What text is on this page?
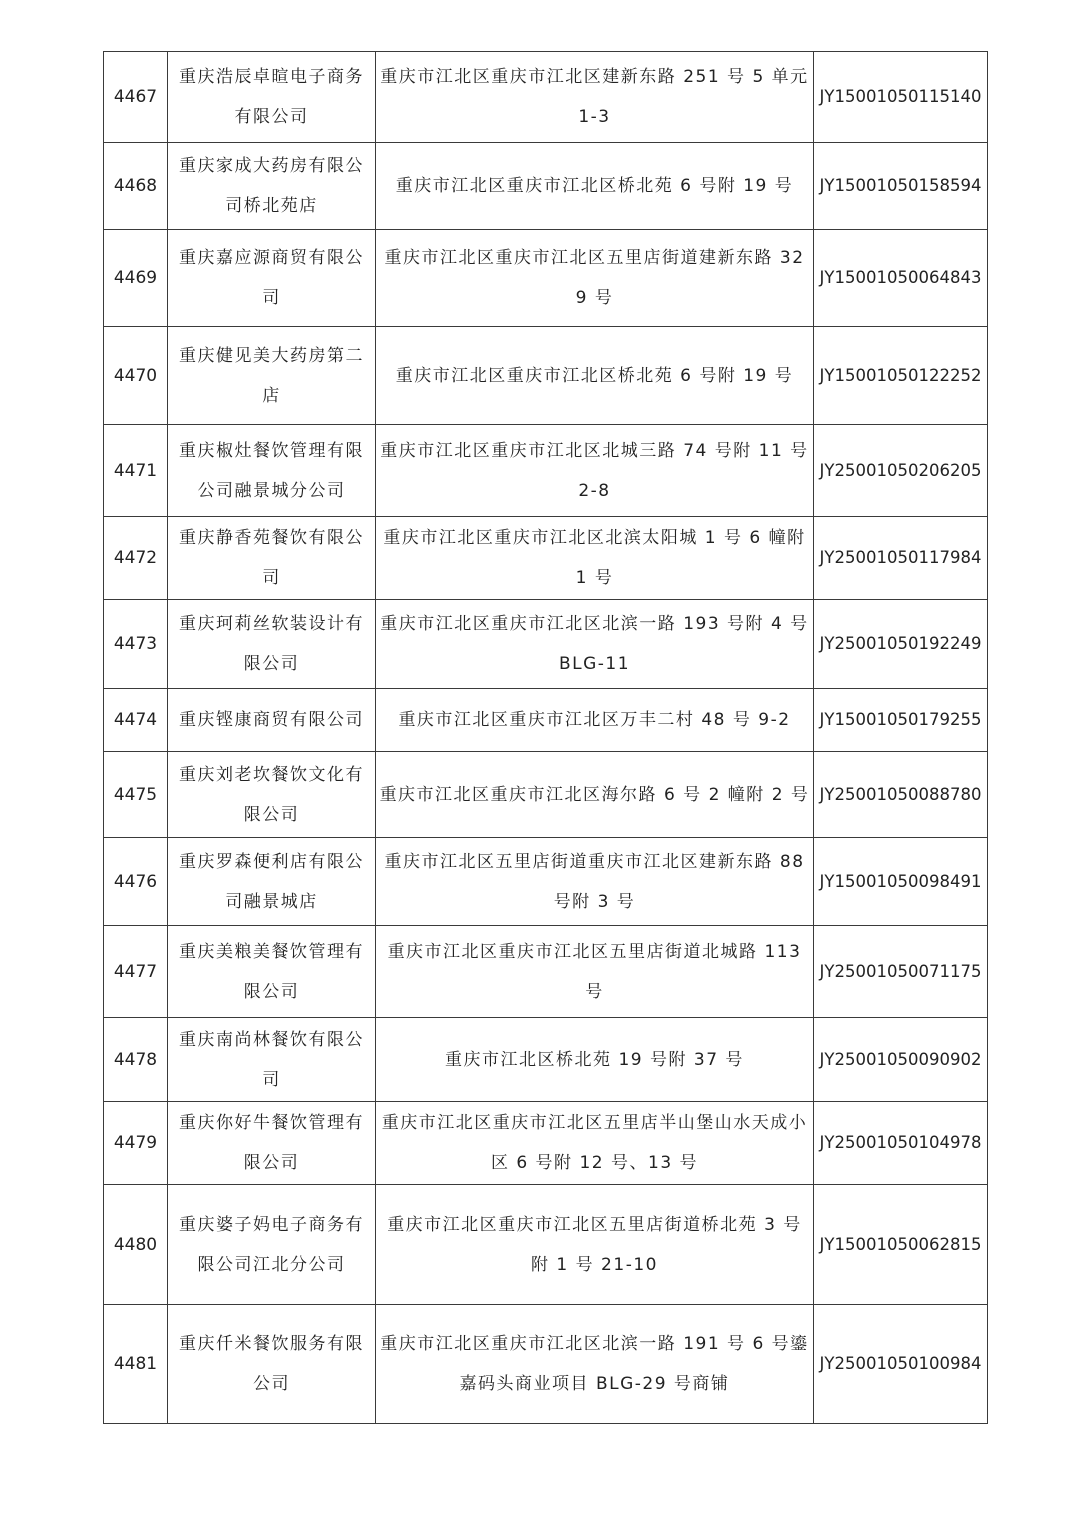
4467	重庆浩辰卓暄电子商务有限公司	重庆市江北区重庆市江北区建新东路 251 号 5 单元 1-3	JY15001050115140
4468	重庆家成大药房有限公司桥北苑店	重庆市江北区重庆市江北区桥北苑 6 号附 19 号	JY15001050158594
4469	重庆嘉应源商贸有限公司	重庆市江北区重庆市江北区五里店街道建新东路 329 号	JY15001050064843
4470	重庆健见美大药房第二店	重庆市江北区重庆市江北区桥北苑 6 号附 19 号	JY15001050122252
4471	重庆椒灶餐饮管理有限公司融景城分公司	重庆市江北区重庆市江北区北城三路 74 号附 11 号 2-8	JY25001050206205
4472	重庆静香苑餐饮有限公司	重庆市江北区重庆市江北区北滨太阳城 1 号 6 幢附 1 号	JY25001050117984
4473	重庆珂莉丝软装设计有限公司	重庆市江北区重庆市江北区北滨一路 193 号附 4 号 BLG-11	JY25001050192249
4474	重庆铿康商贸有限公司	重庆市江北区重庆市江北区万丰二村 48 号 9-2	JY15001050179255
4475	重庆刘老坎餐饮文化有限公司	重庆市江北区重庆市江北区海尔路 6 号 2 幢附 2 号	JY25001050088780
4476	重庆罗森便利店有限公司融景城店	重庆市江北区五里店街道重庆市江北区建新东路 88 号附 3 号	JY15001050098491
4477	重庆美粮美餐饮管理有限公司	重庆市江北区重庆市江北区五里店街道北城路 113 号	JY25001050071175
4478	重庆南尚林餐饮有限公司	重庆市江北区桥北苑 19 号附 37 号	JY25001050090902
4479	重庆你好牛餐饮管理有限公司	重庆市江北区重庆市江北区五里店半山堡山水天成小区 6 号附 12 号、13 号	JY25001050104978
4480	重庆婆子妈电子商务有限公司江北分公司	重庆市江北区重庆市江北区五里店街道桥北苑 3 号附 1 号 21-10	JY15001050062815
4481	重庆仟米餐饮服务有限公司	重庆市江北区重庆市江北区北滨一路 191 号 6 号鎏嘉码头商业项目 BLG-29 号商铺	JY25001050100984
